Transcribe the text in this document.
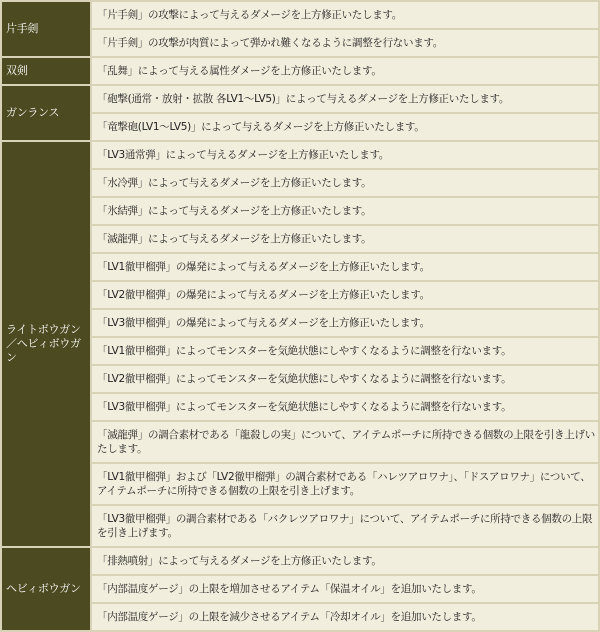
片手剣	「片手剣」の攻撃によって与えるダメージを上方修正いたします。
	「片手剣」の攻撃が肉質によって弾かれ難くなるように調整を行ないます。
双剣	「乱舞」によって与える属性ダメージを上方修正いたします。
ガンランス	「砲撃(通常・放射・拡散 各LV1～LV5)」によって与えるダメージを上方修正いたします。
	「竜撃砲(LV1～LV5)」によって与えるダメージを上方修正いたします。
ライトボウガン／ヘビィボウガン	「LV3通常弾」によって与えるダメージを上方修正いたします。
	「水冷弾」によって与えるダメージを上方修正いたします。
	「氷結弾」によって与えるダメージを上方修正いたします。
	「滅龍弾」によって与えるダメージを上方修正いたします。
	「LV1徹甲榴弾」の爆発によって与えるダメージを上方修正いたします。
	「LV2徹甲榴弾」の爆発によって与えるダメージを上方修正いたします。
	「LV3徹甲榴弾」の爆発によって与えるダメージを上方修正いたします。
	「LV1徹甲榴弾」によってモンスターを気絶状態にしやすくなるように調整を行ないます。
	「LV2徹甲榴弾」によってモンスターを気絶状態にしやすくなるように調整を行ないます。
	「LV3徹甲榴弾」によってモンスターを気絶状態にしやすくなるように調整を行ないます。
	「滅龍弾」の調合素材である「龍殺しの実」について、アイテムポーチに所持できる個数の上限を引き上げいたします。
	「LV1徹甲榴弾」および「LV2徹甲榴弾」の調合素材である「ハレツアロワナ」、「ドスアロワナ」について、アイテムポーチに所持できる個数の上限を引き上げます。
	「LV3徹甲榴弾」の調合素材である「バクレツアロワナ」について、アイテムポーチに所持できる個数の上限を引き上げます。
ヘビィボウガン	「排熱噴射」によって与えるダメージを上方修正いたします。
	「内部温度ゲージ」の上限を増加させるアイテム「保温オイル」を追加いたします。
	「内部温度ゲージ」の上限を減少させるアイテム「冷却オイル」を追加いたします。
